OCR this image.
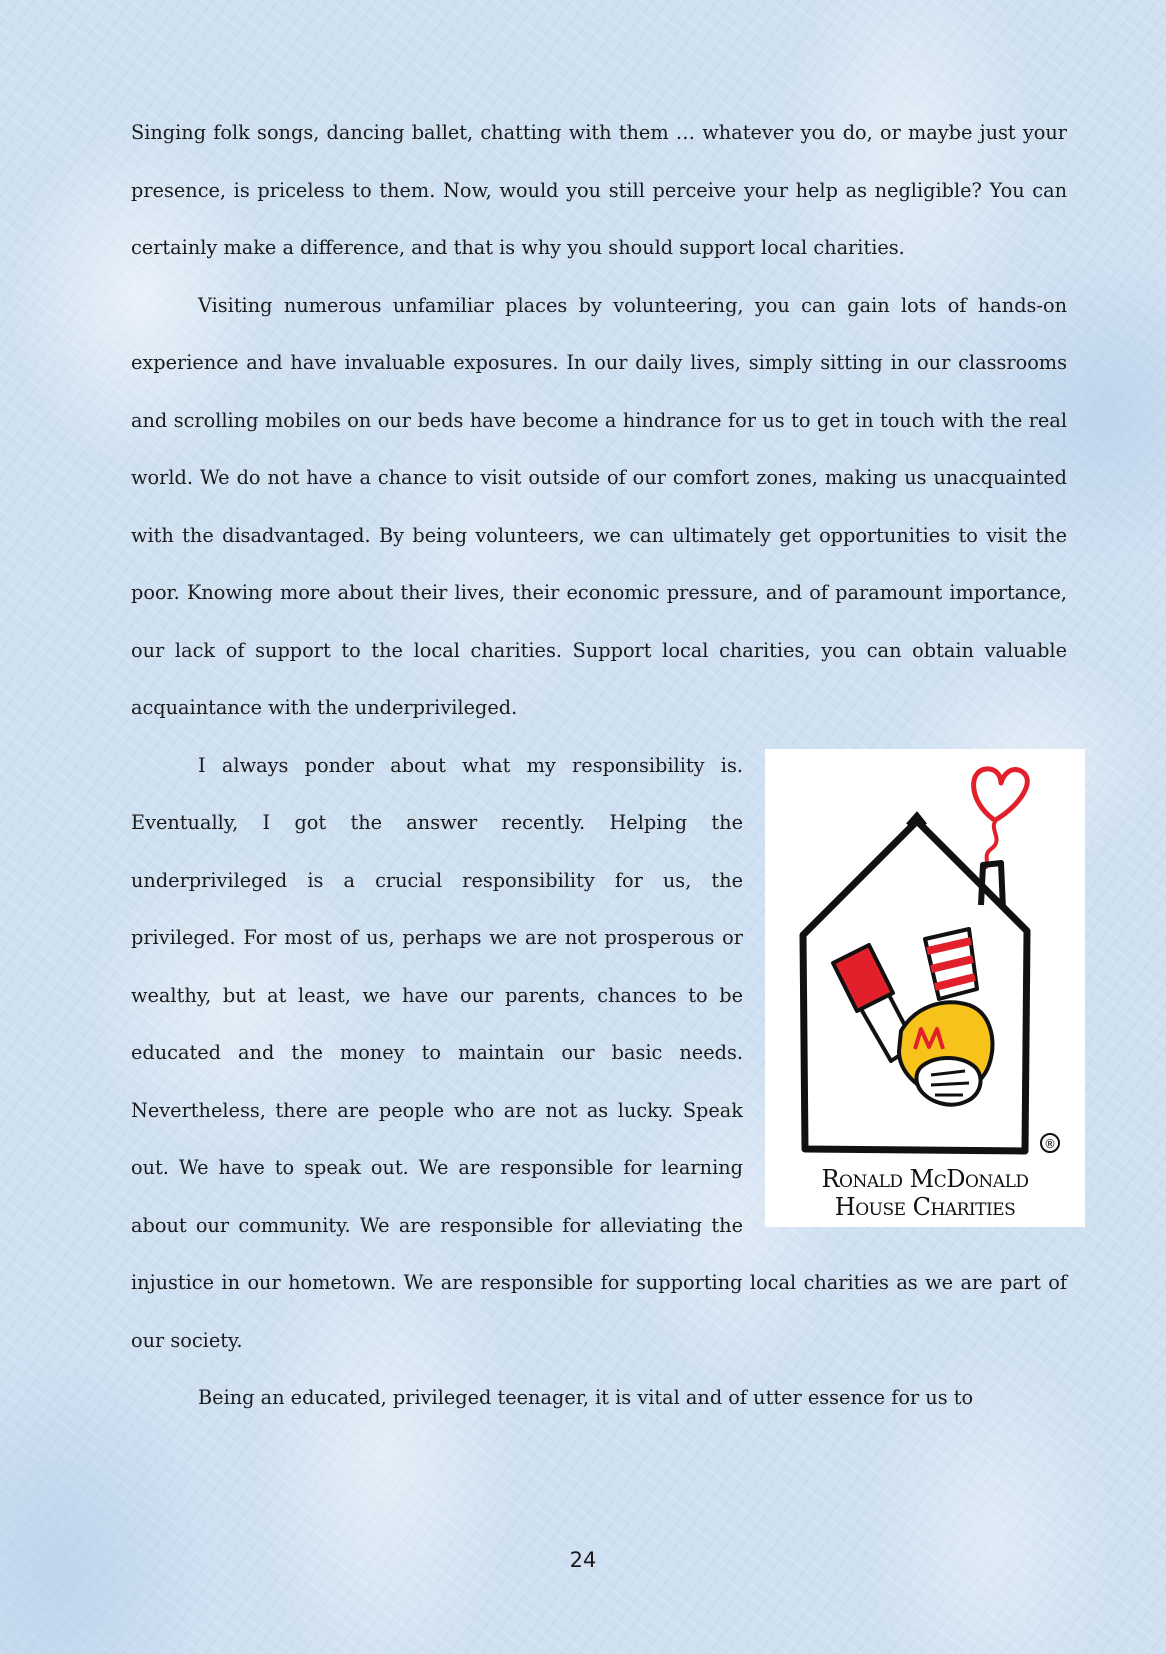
Singing folk songs, dancing ballet, chatting with them … whatever you do, or maybe just your presence, is priceless to them. Now, would you still perceive your help as negligible? You can certainly make a difference, and that is why you should support local charities.

Visiting numerous unfamiliar places by volunteering, you can gain lots of hands-on experience and have invaluable exposures. In our daily lives, simply sitting in our classrooms and scrolling mobiles on our beds have become a hindrance for us to get in touch with the real world. We do not have a chance to visit outside of our comfort zones, making us unacquainted with the disadvantaged. By being volunteers, we can ultimately get opportunities to visit the poor. Knowing more about their lives, their economic pressure, and of paramount importance, our lack of support to the local charities. Support local charities, you can obtain valuable acquaintance with the underprivileged.

®
Ronald McDonald
House Charities

I always ponder about what my responsibility is. Eventually, I got the answer recently. Helping the underprivileged is a crucial responsibility for us, the privileged. For most of us, perhaps we are not prosperous or wealthy, but at least, we have our parents, chances to be educated and the money to maintain our basic needs. Nevertheless, there are people who are not as lucky. Speak out. We have to speak out. We are responsible for learning about our community. We are responsible for alleviating the injustice in our hometown. We are responsible for supporting local charities as we are part of our society.

Being an educated, privileged teenager, it is vital and of utter essence for us to

24
